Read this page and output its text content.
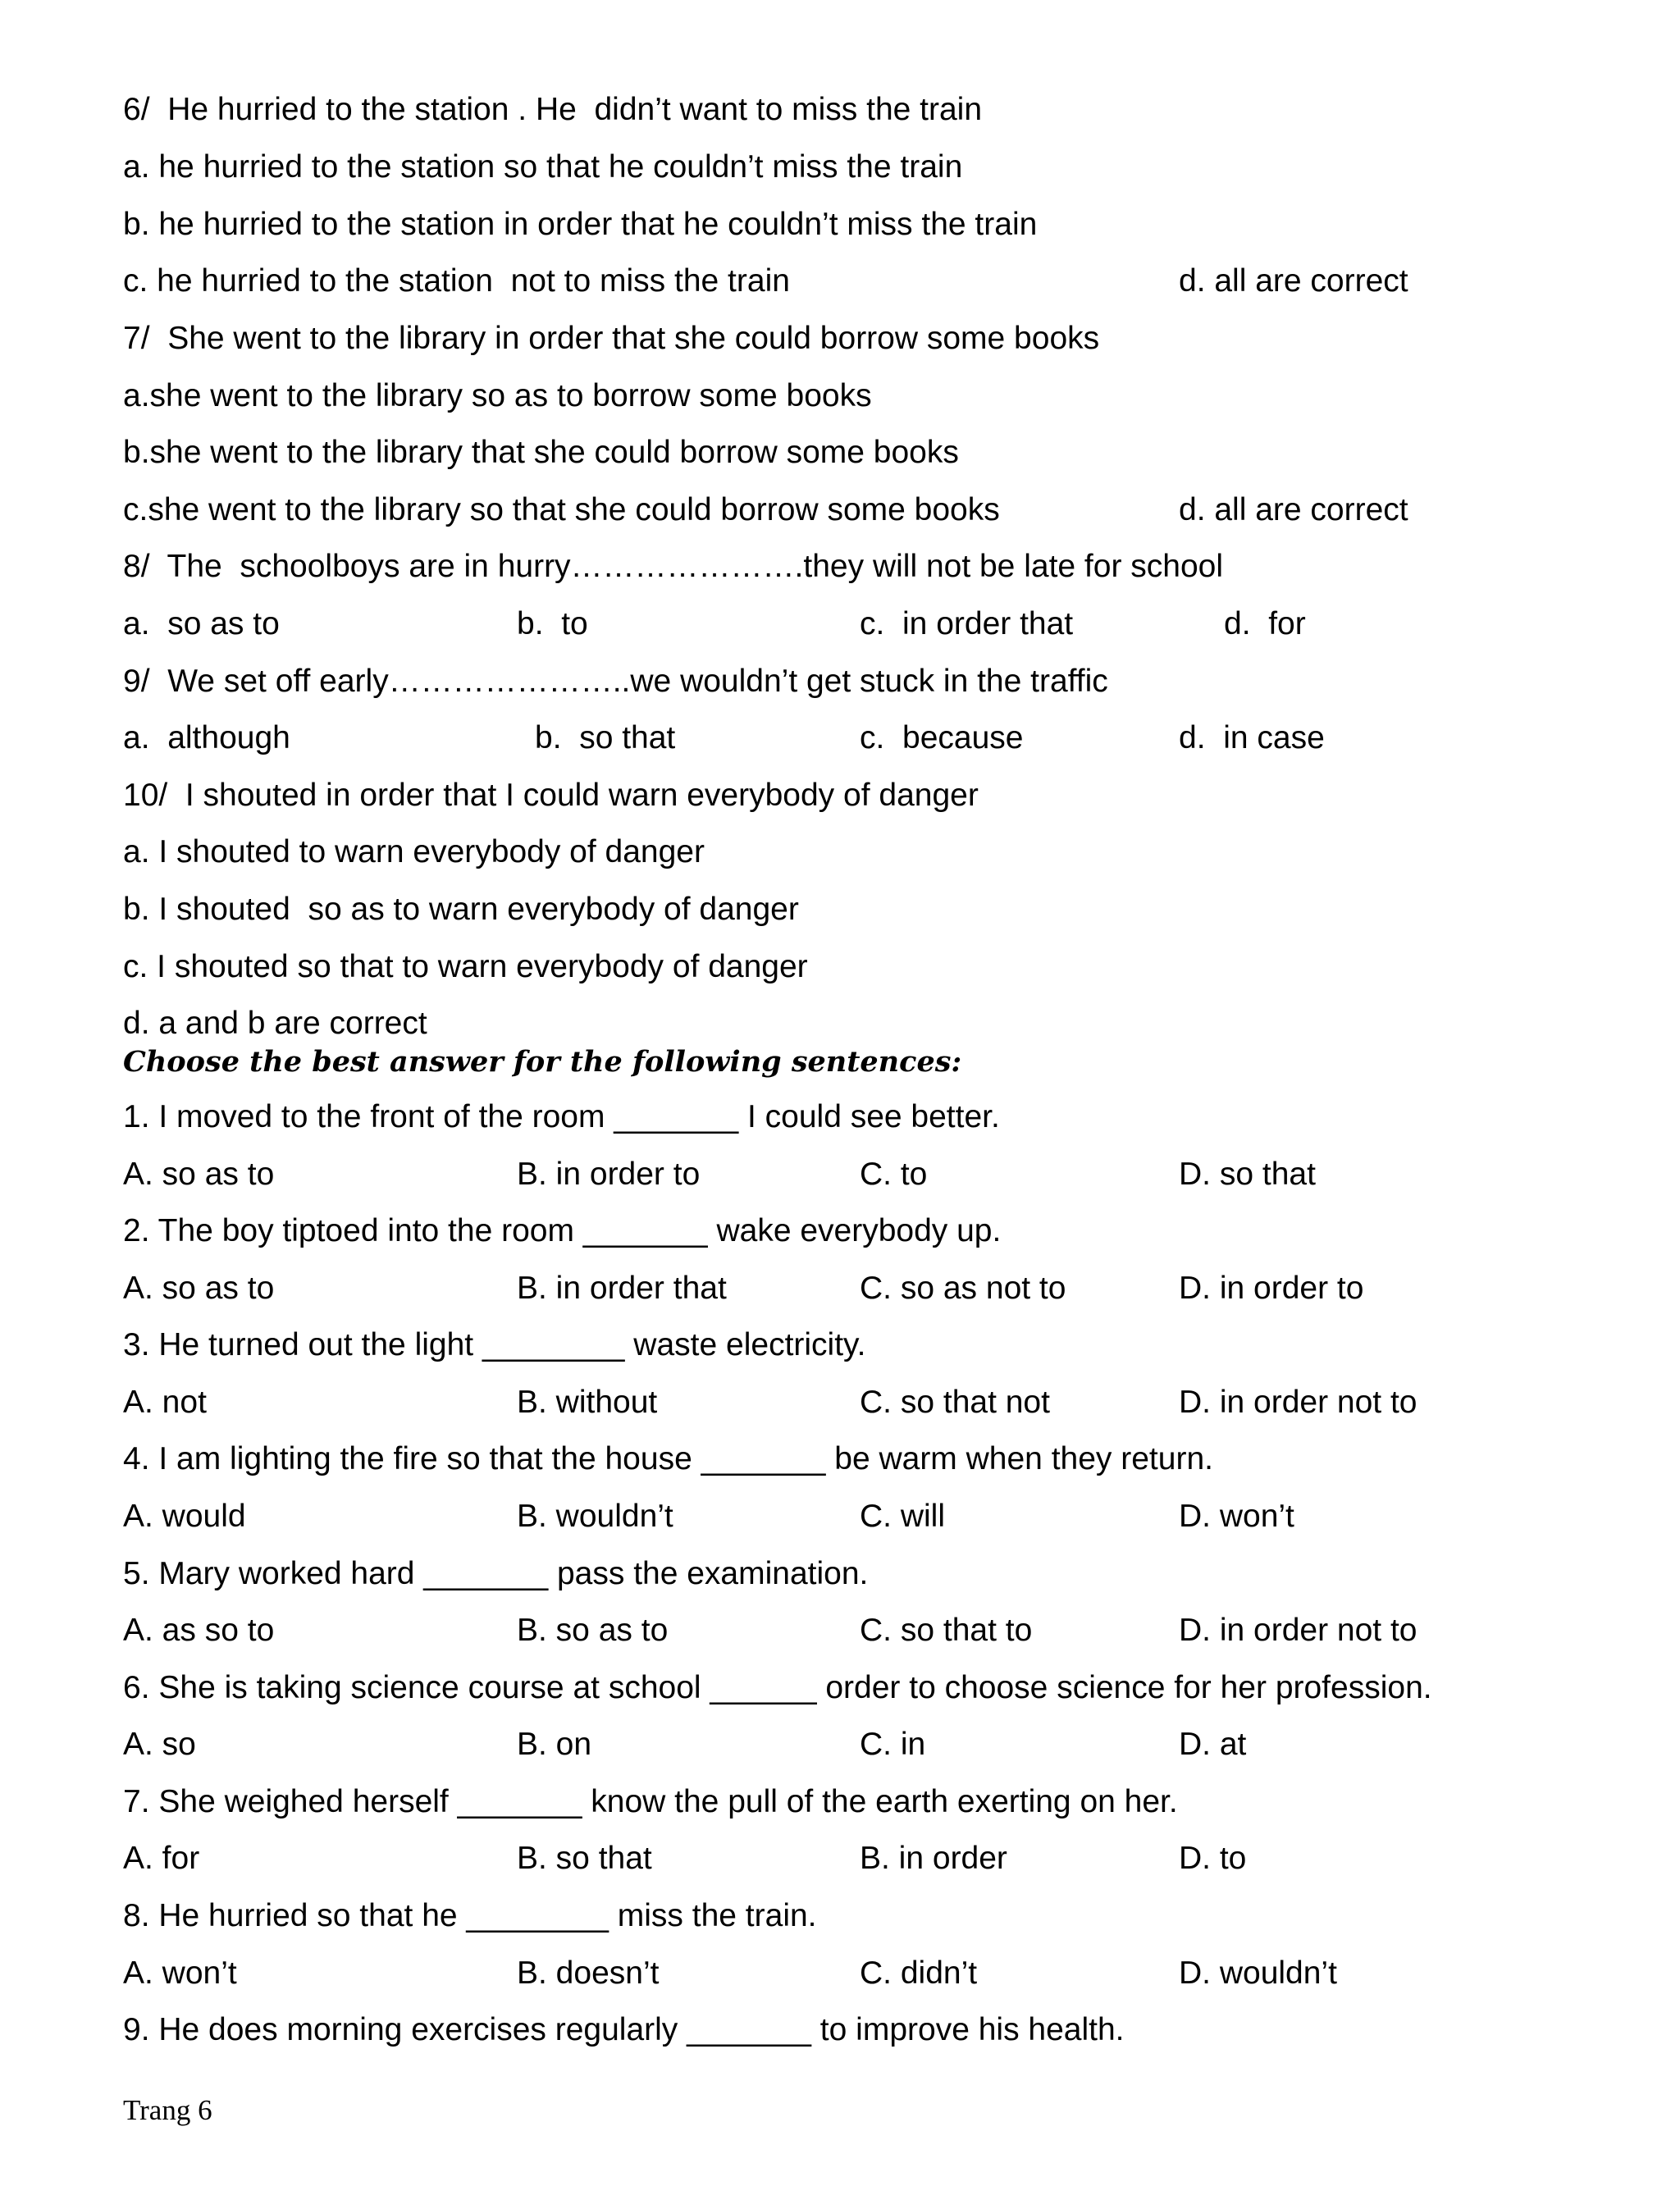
6/  He hurried to the station . He  didn’t want to miss the train
a. he hurried to the station so that he couldn’t miss the train
b. he hurried to the station in order that he couldn’t miss the train

c. he hurried to the station  not to miss the train

	d. all are correct

7/  She went to the library in order that she could borrow some books
a.she went to the library so as to borrow some books
b.she went to the library that she could borrow some books

c.she went to the library so that she could borrow some books

	d. all are correct

8/  The  schoolboys are in hurry………………….they will not be late for school

a.  so as to

	b.  to

	c.  in order that

	d.  for

9/  We set off early…………………..we wouldn’t get stuck in the traffic

a.  although

	b.  so that

	c.  because

	d.  in case

10/  I shouted in order that I could warn everybody of danger
a. I shouted to warn everybody of danger
b. I shouted  so as to warn everybody of danger
c. I shouted so that to warn everybody of danger
d. a and b are correct
Choose the best answer for the following sentences:
1. I moved to the front of the room _______ I could see better.

A. so as to

	B. in order to

	C. to

	D. so that

2. The boy tiptoed into the room _______ wake everybody up.

A. so as to

	B. in order that

	C. so as not to

	D. in order to

3. He turned out the light ________ waste electricity.

A. not

	B. without

	C. so that not

	D. in order not to

4. I am lighting the fire so that the house _______ be warm when they return.

A. would

	B. wouldn’t

	C. will

	D. won’t

5. Mary worked hard _______ pass the examination.

A. as so to

	B. so as to

	C. so that to

	D. in order not to

6. She is taking science course at school ______ order to choose science for her profession.

A. so

	B. on

	C. in

	D. at

7. She weighed herself _______ know the pull of the earth exerting on her.

A. for

	B. so that

	B. in order

	D. to

8. He hurried so that he ________ miss the train.

A. won’t

	B. doesn’t

	C. didn’t

	D. wouldn’t

9. He does morning exercises regularly _______ to improve his health.
Trang 6
